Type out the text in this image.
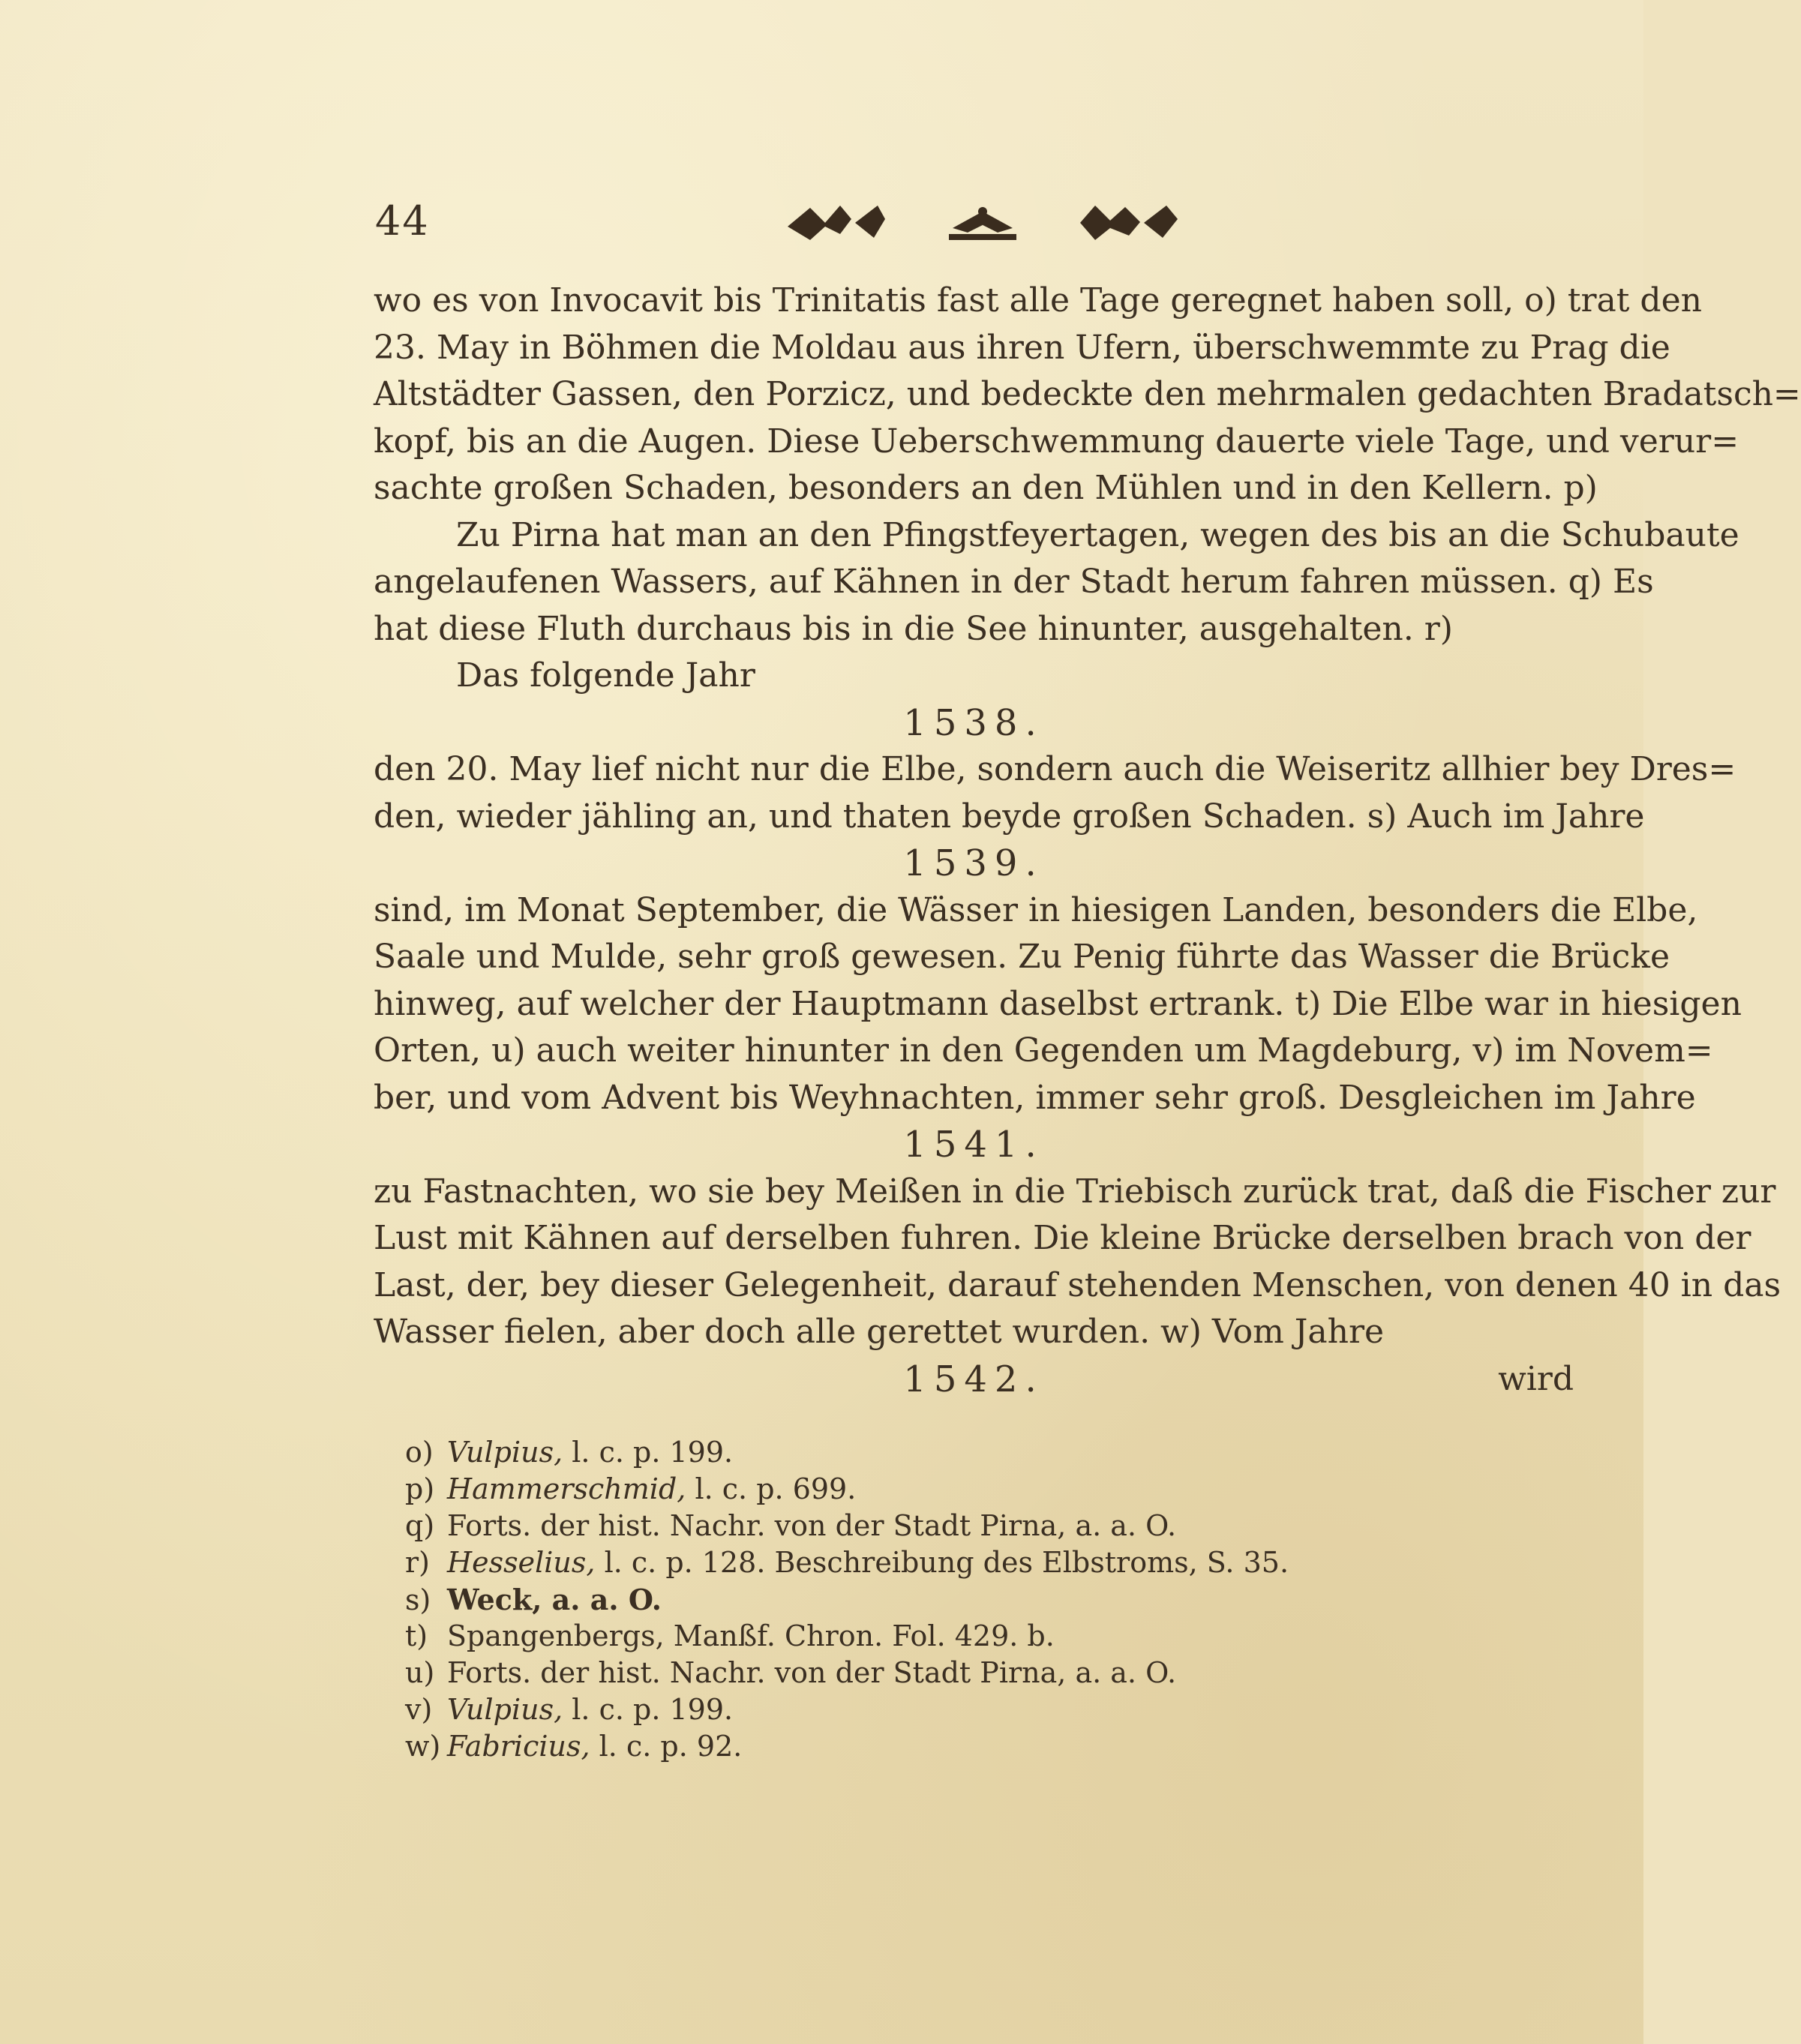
44
wo es von Invocavit bis Trinitatis fast alle Tage geregnet haben soll, o) trat den
23. May in Böhmen die Moldau aus ihren Ufern, überschwemmte zu Prag die
Altstädter Gassen, den Porzicz, und bedeckte den mehrmalen gedachten Bradatsch=
kopf, bis an die Augen. Diese Ueberschwemmung dauerte viele Tage, und verur=
sachte großen Schaden, besonders an den Mühlen und in den Kellern. p)
Zu Pirna hat man an den Pfingstfeyertagen, wegen des bis an die Schubaute
angelaufenen Wassers, auf Kähnen in der Stadt herum fahren müssen. q) Es
hat diese Fluth durchaus bis in die See hinunter, ausgehalten. r)
Das folgende Jahr
1538.
den 20. May lief nicht nur die Elbe, sondern auch die Weiseritz allhier bey Dres=
den, wieder jähling an, und thaten beyde großen Schaden. s) Auch im Jahre
1539.
sind, im Monat September, die Wässer in hiesigen Landen, besonders die Elbe,
Saale und Mulde, sehr groß gewesen. Zu Penig führte das Wasser die Brücke
hinweg, auf welcher der Hauptmann daselbst ertrank. t) Die Elbe war in hiesigen
Orten, u) auch weiter hinunter in den Gegenden um Magdeburg, v) im Novem=
ber, und vom Advent bis Weyhnachten, immer sehr groß. Desgleichen im Jahre
1541.
zu Fastnachten, wo sie bey Meißen in die Triebisch zurück trat, daß die Fischer zur
Lust mit Kähnen auf derselben fuhren. Die kleine Brücke derselben brach von der
Last, der, bey dieser Gelegenheit, darauf stehenden Menschen, von denen 40 in das
Wasser fielen, aber doch alle gerettet wurden. w) Vom Jahre
1542.	wird
o) Vulpius, l. c. p. 199.
p) Hammerschmid, l. c. p. 699.
q) Forts. der hist. Nachr. von der Stadt Pirna, a. a. O.
r) Hesselius, l. c. p. 128. Beschreibung des Elbstroms, S. 35.
s) Weck, a. a. O.
t) Spangenbergs, Manßf. Chron. Fol. 429. b.
u) Forts. der hist. Nachr. von der Stadt Pirna, a. a. O.
v) Vulpius, l. c. p. 199.
w) Fabricius, l. c. p. 92.
